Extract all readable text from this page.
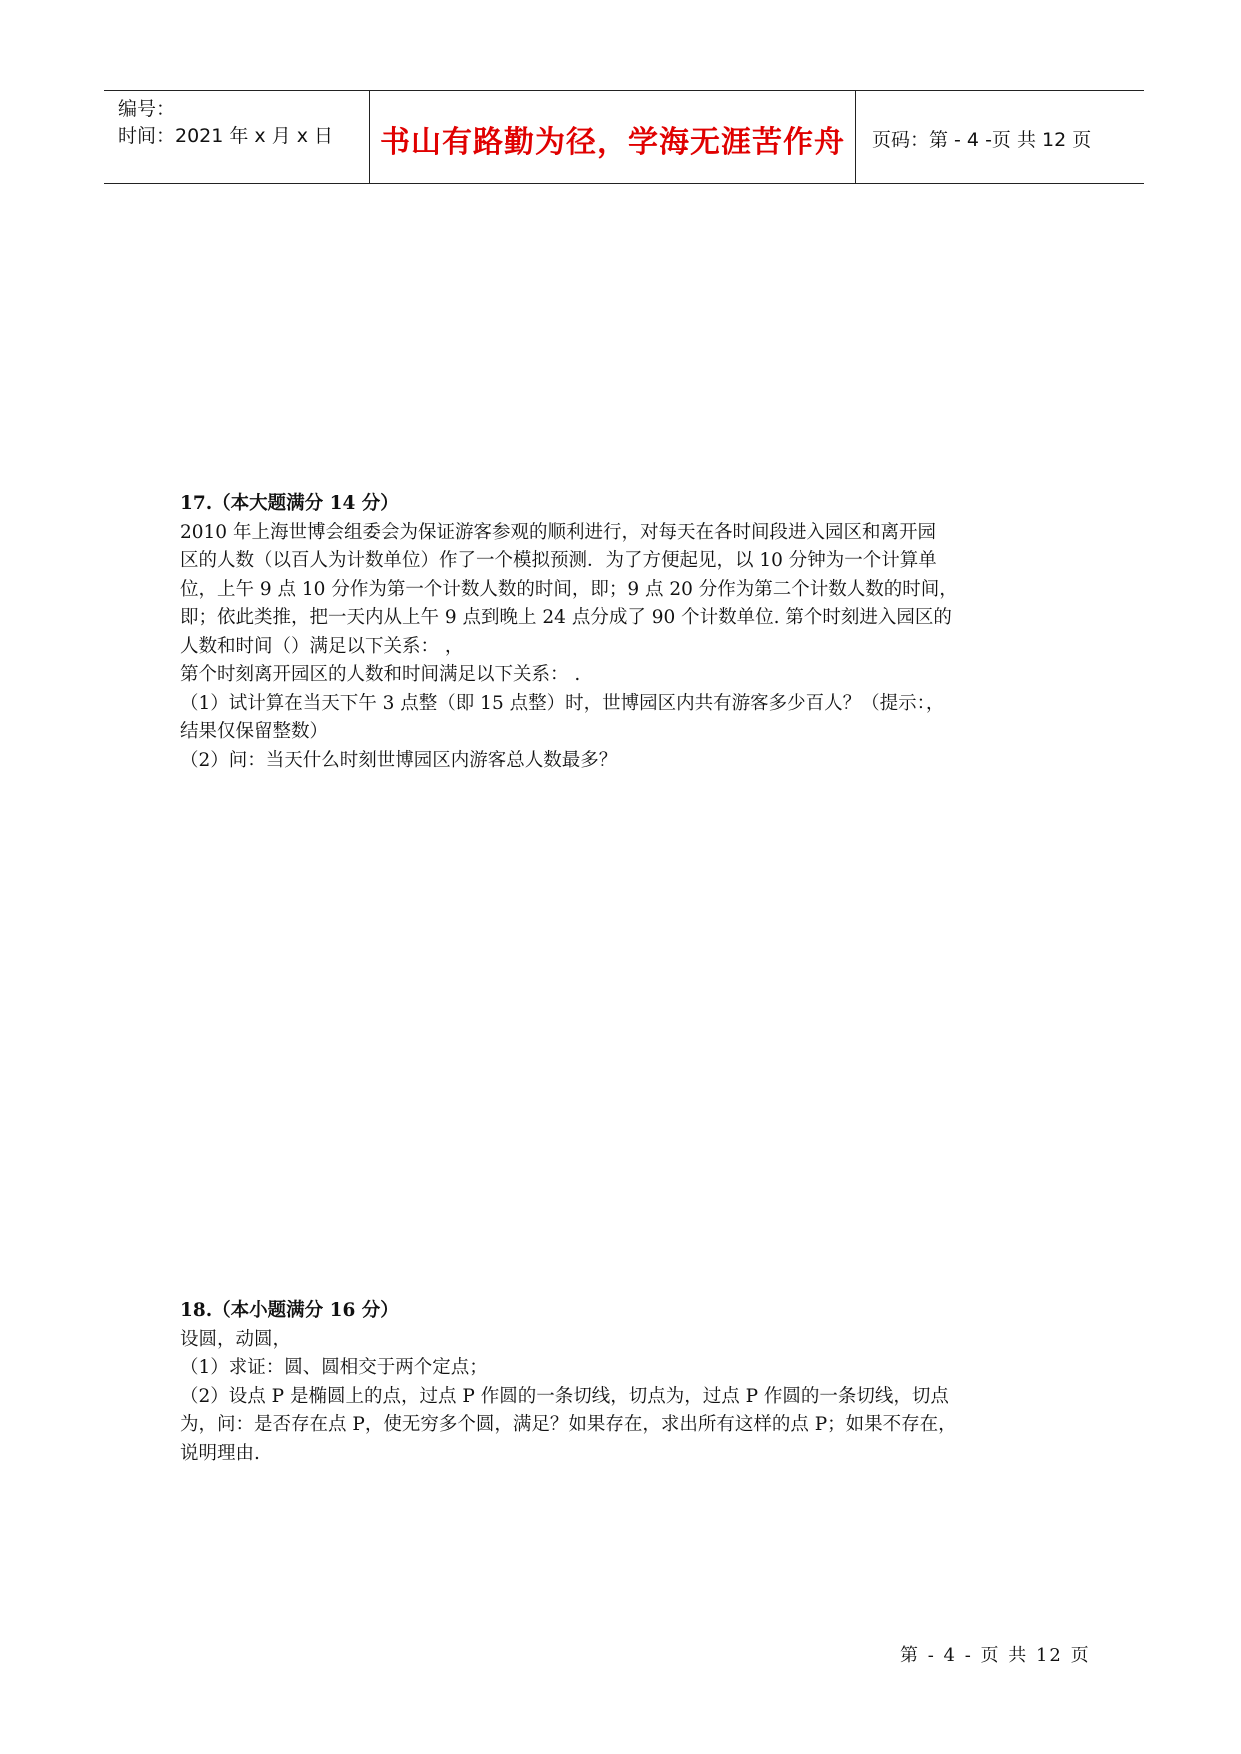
编号：
时间：2021 年 x 月 x 日	书山有路勤为径，学海无涯苦作舟	页码：第 - 4 -页 共 12 页

17.（本大题满分 14 分）

2010 年上海世博会组委会为保证游客参观的顺利进行，对每天在各时间段进入园区和离开园

区的人数（以百人为计数单位）作了一个模拟预测．为了方便起见，以 10 分钟为一个计算单

位，上午 9 点 10 分作为第一个计数人数的时间，即；9 点 20 分作为第二个计数人数的时间，

即；依此类推，把一天内从上午 9 点到晚上 24 点分成了 90 个计数单位. 第个时刻进入园区的

人数和时间（）满足以下关系： ，

第个时刻离开园区的人数和时间满足以下关系： .

（1）试计算在当天下午 3 点整（即 15 点整）时，世博园区内共有游客多少百人？（提示：，

结果仅保留整数）

（2）问：当天什么时刻世博园区内游客总人数最多？

18.（本小题满分 16 分）

设圆，动圆，

（1）求证：圆、圆相交于两个定点；

（2）设点 P 是椭圆上的点，过点 P 作圆的一条切线，切点为，过点 P 作圆的一条切线，切点

为，问：是否存在点 P，使无穷多个圆，满足？如果存在，求出所有这样的点 P；如果不存在，

说明理由.

第 - 4 - 页 共 12 页
